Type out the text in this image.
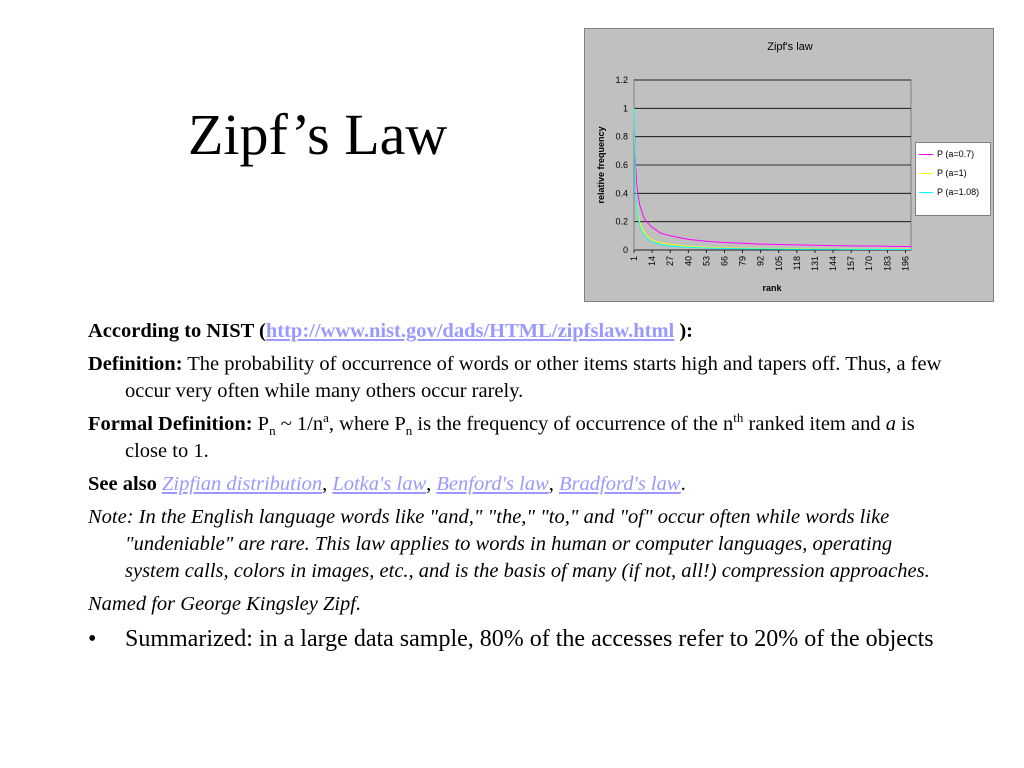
Zipf’s Law
Zipf's law
0
0.2
0.4
0.6
0.8
1
1.2
1 14 27 40 53 66 79 92 105 118 131 144 157 170 183 196
rank
relative frequency	P (a=0.7)
P (a=1)
P (a=1.08)

According to NIST (http://www.nist.gov/dads/HTML/zipfslaw.html ):

Definition: The probability of occurrence of words or other items starts high and tapers off. Thus, a few occur very often while many others occur rarely.

Formal Definition: $P_n$ ~ $1/n^a$, where $P_n$ is the frequency of occurrence of the $n^{th}$ ranked item and a is close to 1.

See also Zipfian distribution, Lotka's law, Benford's law, Bradford's law.

Note: In the English language words like "and," "the," "to," and "of" occur often while words like "undeniable" are rare. This law applies to words in human or computer languages, operating system calls, colors in images, etc., and is the basis of many (if not, all!) compression approaches.

Named for George Kingsley Zipf.

•	Summarized: in a large data sample, 80% of the accesses refer to 20% of the objects
